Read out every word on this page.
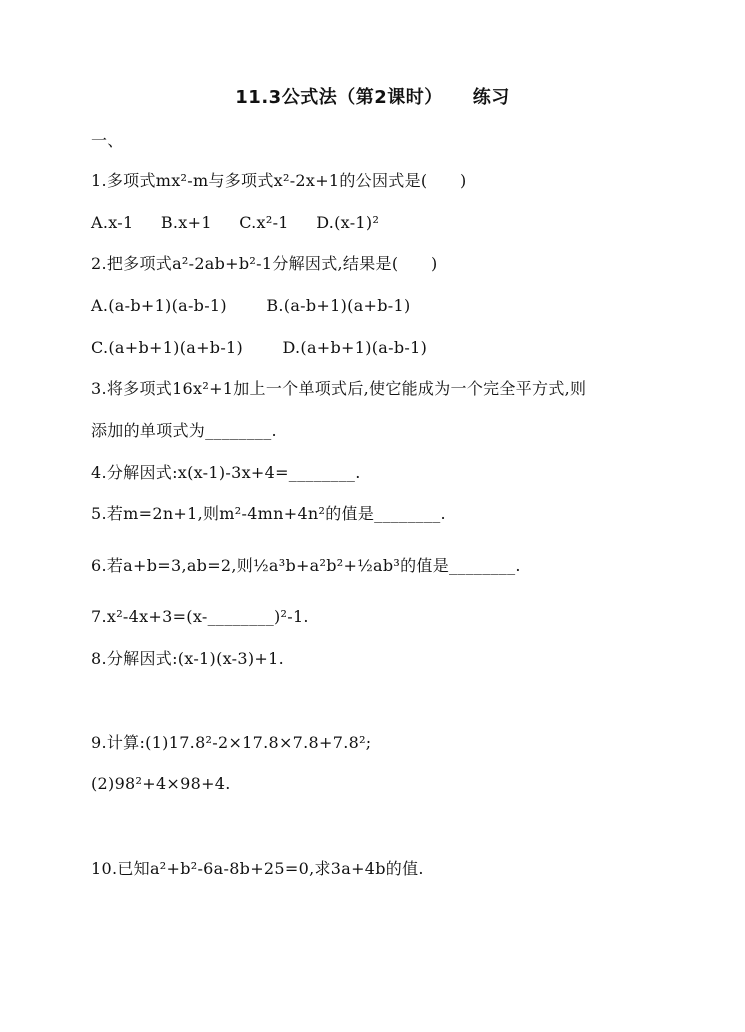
11.3公式法（第2课时） 练习
一、
1.多项式mx²-m与多项式x²-2x+1的公因式是(　　)
A.x-1 B.x+1 C.x²-1 D.(x-1)²
2.把多项式a²-2ab+b²-1分解因式,结果是(　　)
A.(a-b+1)(a-b-1) B.(a-b+1)(a+b-1)
C.(a+b+1)(a+b-1) D.(a+b+1)(a-b-1)
3.将多项式16x²+1加上一个单项式后,使它能成为一个完全平方式,则
添加的单项式为________.
4.分解因式:x(x-1)-3x+4=________.
5.若m=2n+1,则m²-4mn+4n²的值是________.
6.若a+b=3,ab=2,则½a³b+a²b²+½ab³的值是________.
7.x²-4x+3=(x-________)²-1.
8.分解因式:(x-1)(x-3)+1.
9.计算:(1)17.8²-2×17.8×7.8+7.8²;
(2)98²+4×98+4.
10.已知a²+b²-6a-8b+25=0,求3a+4b的值.
